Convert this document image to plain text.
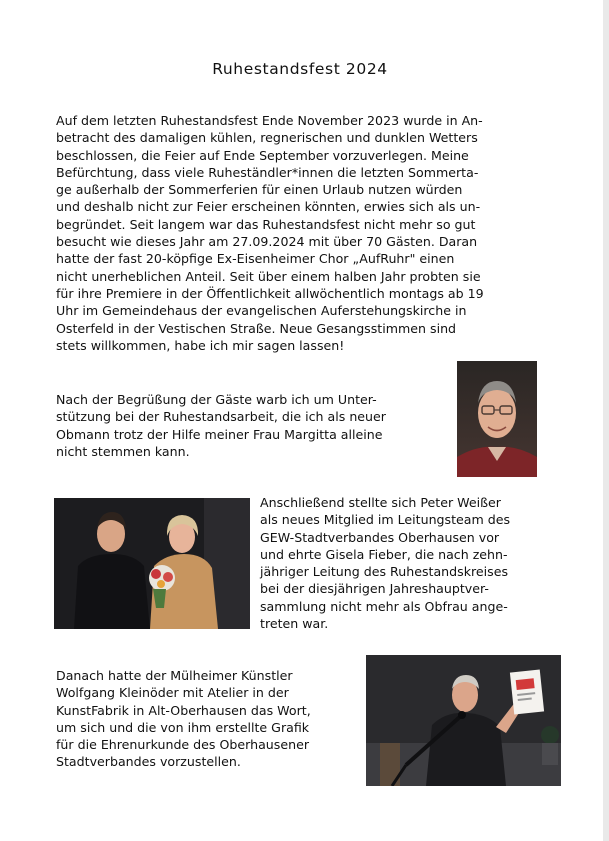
Ruhestandsfest 2024
Auf dem letzten Ruhestandsfest Ende November 2023 wurde in An-
betracht des damaligen kühlen, regnerischen und dunklen Wetters
beschlossen, die Feier auf Ende September vorzuverlegen. Meine
Befürchtung, dass viele Ruheständler*innen die letzten Sommerta-
ge außerhalb der Sommerferien für einen Urlaub nutzen würden
und deshalb nicht zur Feier erscheinen könnten, erwies sich als un-
begründet. Seit langem war das Ruhestandsfest nicht mehr so gut
besucht wie dieses Jahr am 27.09.2024 mit über 70 Gästen. Daran
hatte der fast 20-köpfige Ex-Eisenheimer Chor „AufRuhr" einen
nicht unerheblichen Anteil. Seit über einem halben Jahr probten sie
für ihre Premiere in der Öffentlichkeit allwöchentlich montags ab 19
Uhr im Gemeindehaus der evangelischen Auferstehungskirche in
Osterfeld in der Vestischen Straße. Neue Gesangsstimmen sind
stets willkommen, habe ich mir sagen lassen!
Nach der Begrüßung der Gäste warb ich um Unter-
stützung bei der Ruhestandsarbeit, die ich als neuer
Obmann trotz der Hilfe meiner Frau Margitta alleine
nicht stemmen kann.
Anschließend stellte sich Peter Weißer
als neues Mitglied im Leitungsteam des
GEW-Stadtverbandes Oberhausen vor
und ehrte Gisela Fieber, die nach zehn-
jähriger Leitung des Ruhestandskreises
bei der diesjährigen Jahreshauptver-
sammlung nicht mehr als Obfrau ange-
treten war.
Danach hatte der Mülheimer Künstler
Wolfgang Kleinöder mit Atelier in der
KunstFabrik in Alt-Oberhausen das Wort,
um sich und die von ihm erstellte Grafik
für die Ehrenurkunde des Oberhausener
Stadtverbandes vorzustellen.
